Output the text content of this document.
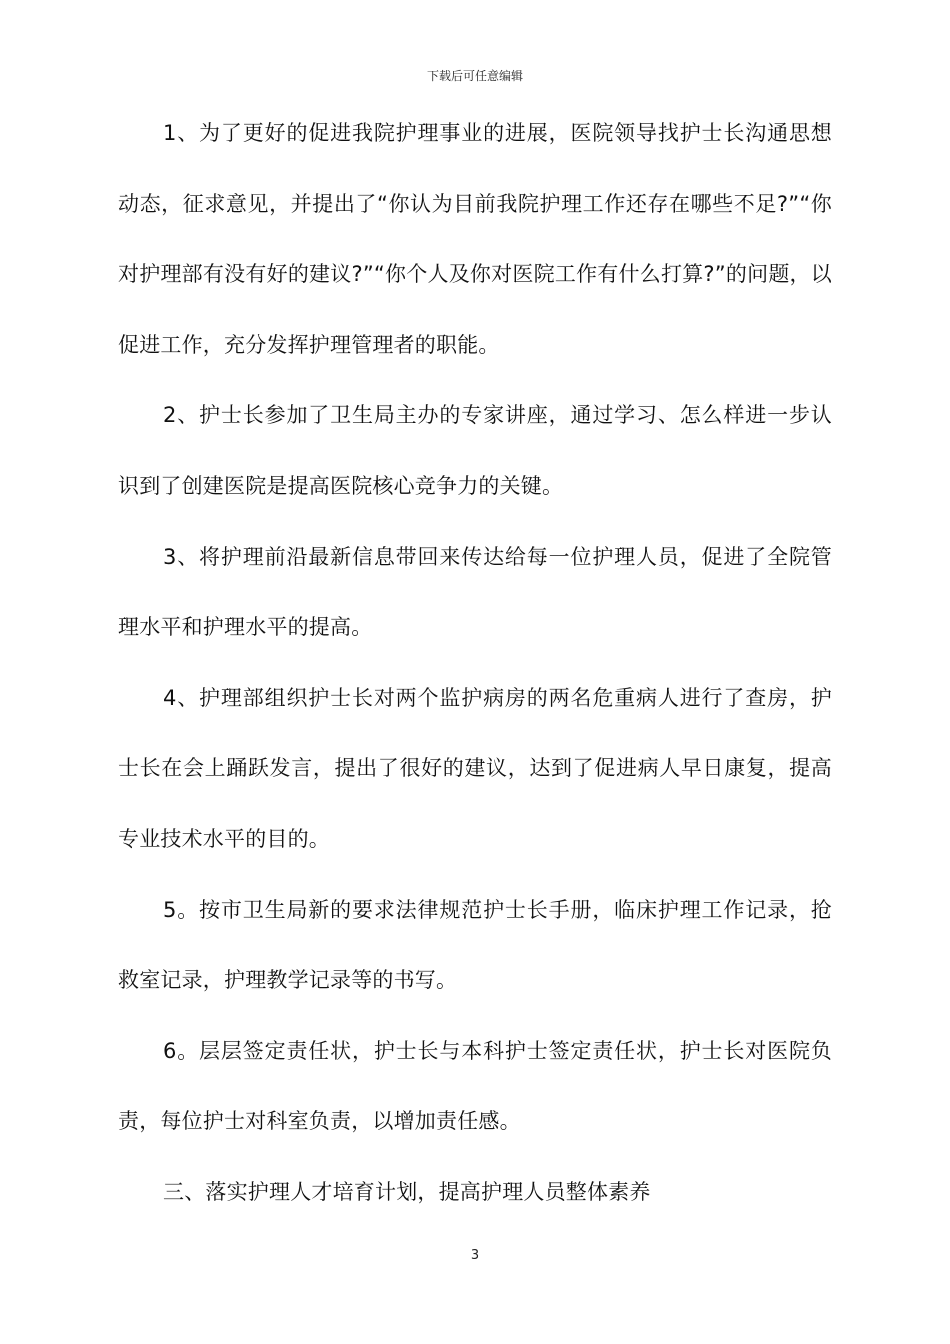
下载后可任意编辑

1、为了更好的促进我院护理事业的进展，医院领导找护士长沟通思想动态，征求意见，并提出了“你认为目前我院护理工作还存在哪些不足?”“你对护理部有没有好的建议?”“你个人及你对医院工作有什么打算?”的问题，以促进工作，充分发挥护理管理者的职能。

2、护士长参加了卫生局主办的专家讲座，通过学习、怎么样进一步认识到了创建医院是提高医院核心竞争力的关键。

3、将护理前沿最新信息带回来传达给每一位护理人员，促进了全院管理水平和护理水平的提高。

4、护理部组织护士长对两个监护病房的两名危重病人进行了查房，护士长在会上踊跃发言，提出了很好的建议，达到了促进病人早日康复，提高专业技术水平的目的。

5。按市卫生局新的要求法律规范护士长手册，临床护理工作记录，抢救室记录，护理教学记录等的书写。

6。层层签定责任状，护士长与本科护士签定责任状，护士长对医院负责，每位护士对科室负责，以增加责任感。

三、落实护理人才培育计划，提高护理人员整体素养

3
